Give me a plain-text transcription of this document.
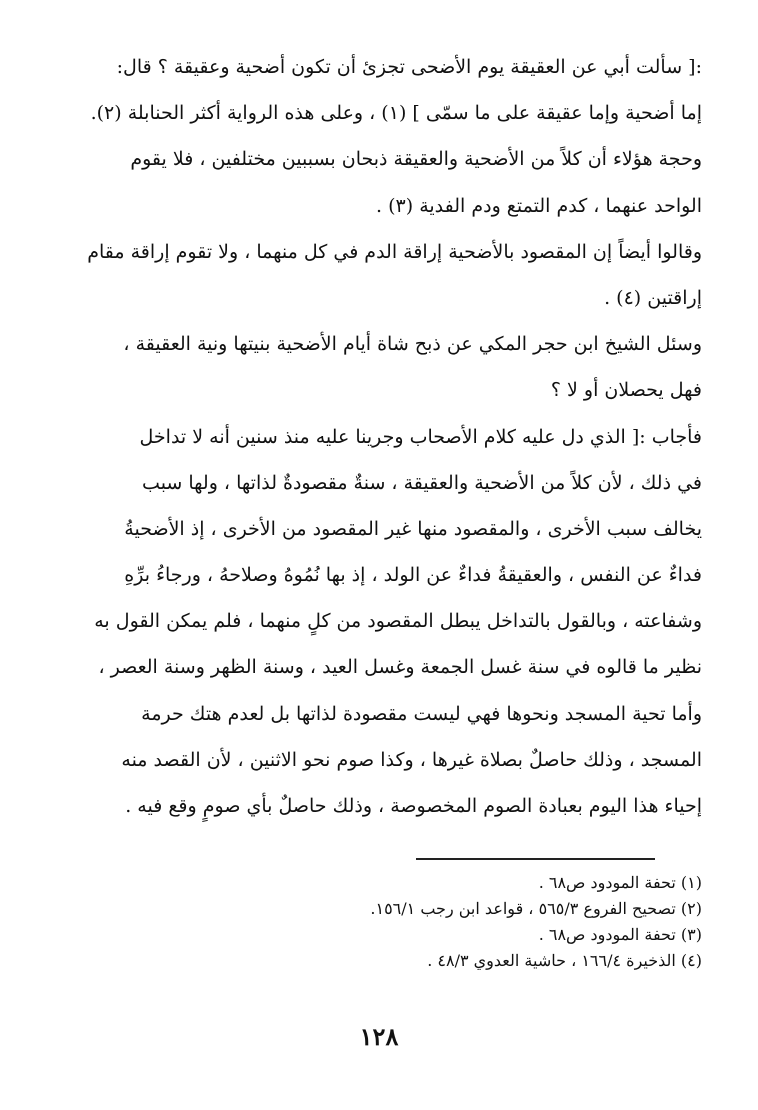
:[ سألت أبي عن العقيقة يوم الأضحى تجزئ أن تكون أضحية وعقيقة ؟ قال:
إما أضحية وإما عقيقة على ما سمّى ] (١) ، وعلى هذه الرواية أكثر الحنابلة (٢).
وحجة هؤلاء أن كلاً من الأضحية والعقيقة ذبحان بسببين مختلفين ، فلا يقوم
الواحد عنهما ، كدم التمتع ودم الفدية (٣) .
وقالوا أيضاً إن المقصود بالأضحية إراقة الدم في كل منهما ، ولا تقوم إراقة مقام
إراقتين (٤) .
وسئل الشيخ ابن حجر المكي عن ذبح شاة أيام الأضحية بنيتها ونية العقيقة ،
فهل يحصلان أو لا ؟
فأجاب :[ الذي دل عليه كلام الأصحاب وجرينا عليه منذ سنين أنه لا تداخل
في ذلك ، لأن كلاً من الأضحية والعقيقة ، سنةٌ مقصودةٌ لذاتها ، ولها سبب
يخالف سبب الأخرى ، والمقصود منها غير المقصود من الأخرى ، إذ الأضحيةُ
فداءٌ عن النفس ، والعقيقةُ فداءٌ عن الولد ، إذ بها نُمُوهُ وصلاحهُ ، ورجاءُ برِّهِ
وشفاعته ، وبالقول بالتداخل يبطل المقصود من كلٍ منهما ، فلم يمكن القول به
نظير ما قالوه في سنة غسل الجمعة وغسل العيد ، وسنة الظهر وسنة العصر ،
وأما تحية المسجد ونحوها فهي ليست مقصودة لذاتها بل لعدم هتك حرمة
المسجد ، وذلك حاصلٌ بصلاة غيرها ، وكذا صوم نحو الاثنين ، لأن القصد منه
إحياء هذا اليوم بعبادة الصوم المخصوصة ، وذلك حاصلٌ بأي صومٍ وقع فيه .
(١) تحفة المودود ص٦٨ .
(٢) تصحيح الفروع ٥٦٥/٣ ، قواعد ابن رجب ١٥٦/١.
(٣) تحفة المودود ص٦٨ .
(٤) الذخيرة ١٦٦/٤ ، حاشية العدوي ٤٨/٣ .
١٢٨
